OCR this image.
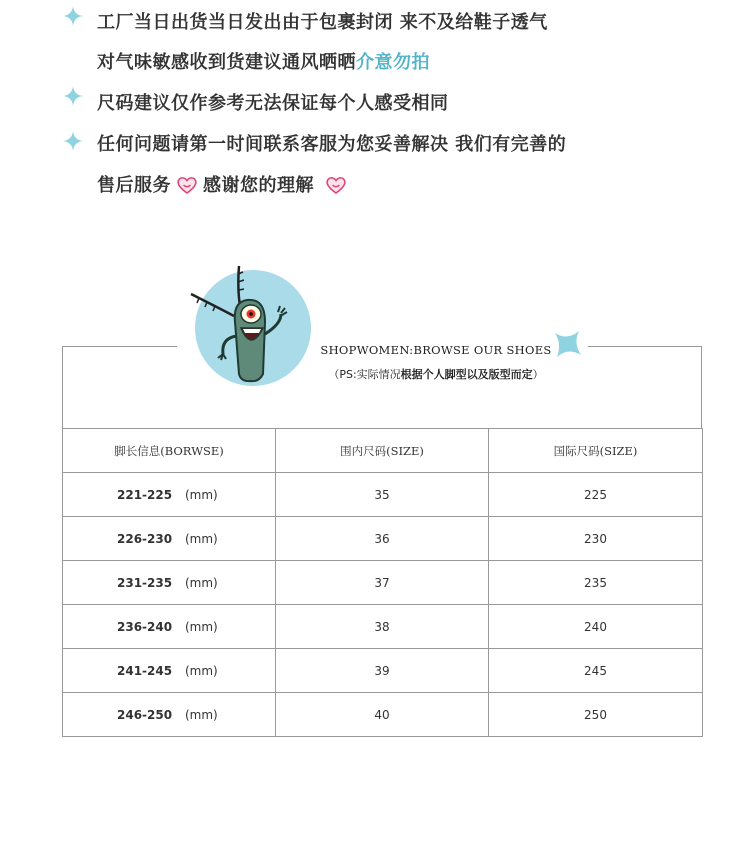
工厂当日出货当日发出由于包裹封闭 来不及给鞋子透气
对气味敏感收到货建议通风晒晒介意勿拍
尺码建议仅作参考无法保证每个人感受相同
任何问题请第一时间联系客服为您妥善解决 我们有完善的
售后服务 感谢您的理解
SHOPWOMEN:BROWSE OUR SHOES
（PS:实际情况根据个人脚型以及版型而定）
脚长信息(BORWSE)	围内尺码(SIZE)	国际尺码(SIZE)
221-225 (mm)	35	225
226-230 (mm)	36	230
231-235 (mm)	37	235
236-240 (mm)	38	240
241-245 (mm)	39	245
246-250 (mm)	40	250
